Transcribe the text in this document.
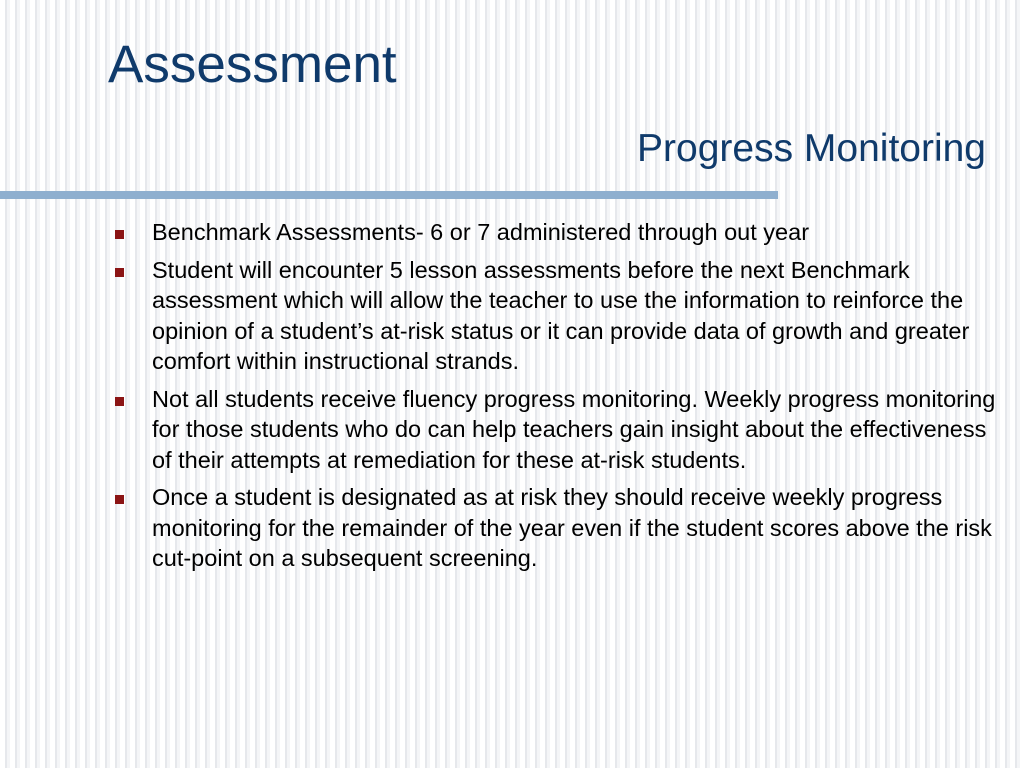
Assessment
Progress Monitoring
Benchmark Assessments- 6 or 7 administered through out year
Student will encounter 5 lesson assessments before the next Benchmark assessment which will allow the teacher to use the information to reinforce the opinion of a student’s at-risk status or it can provide data of growth and greater comfort within instructional strands.
Not all students receive fluency progress monitoring. Weekly progress monitoring for those students who do can help teachers gain insight about the effectiveness of their attempts at remediation for these at-risk students.
Once a student is designated as at risk they should receive weekly progress monitoring for the remainder of the year even if the student scores above the risk cut-point on a subsequent screening.
